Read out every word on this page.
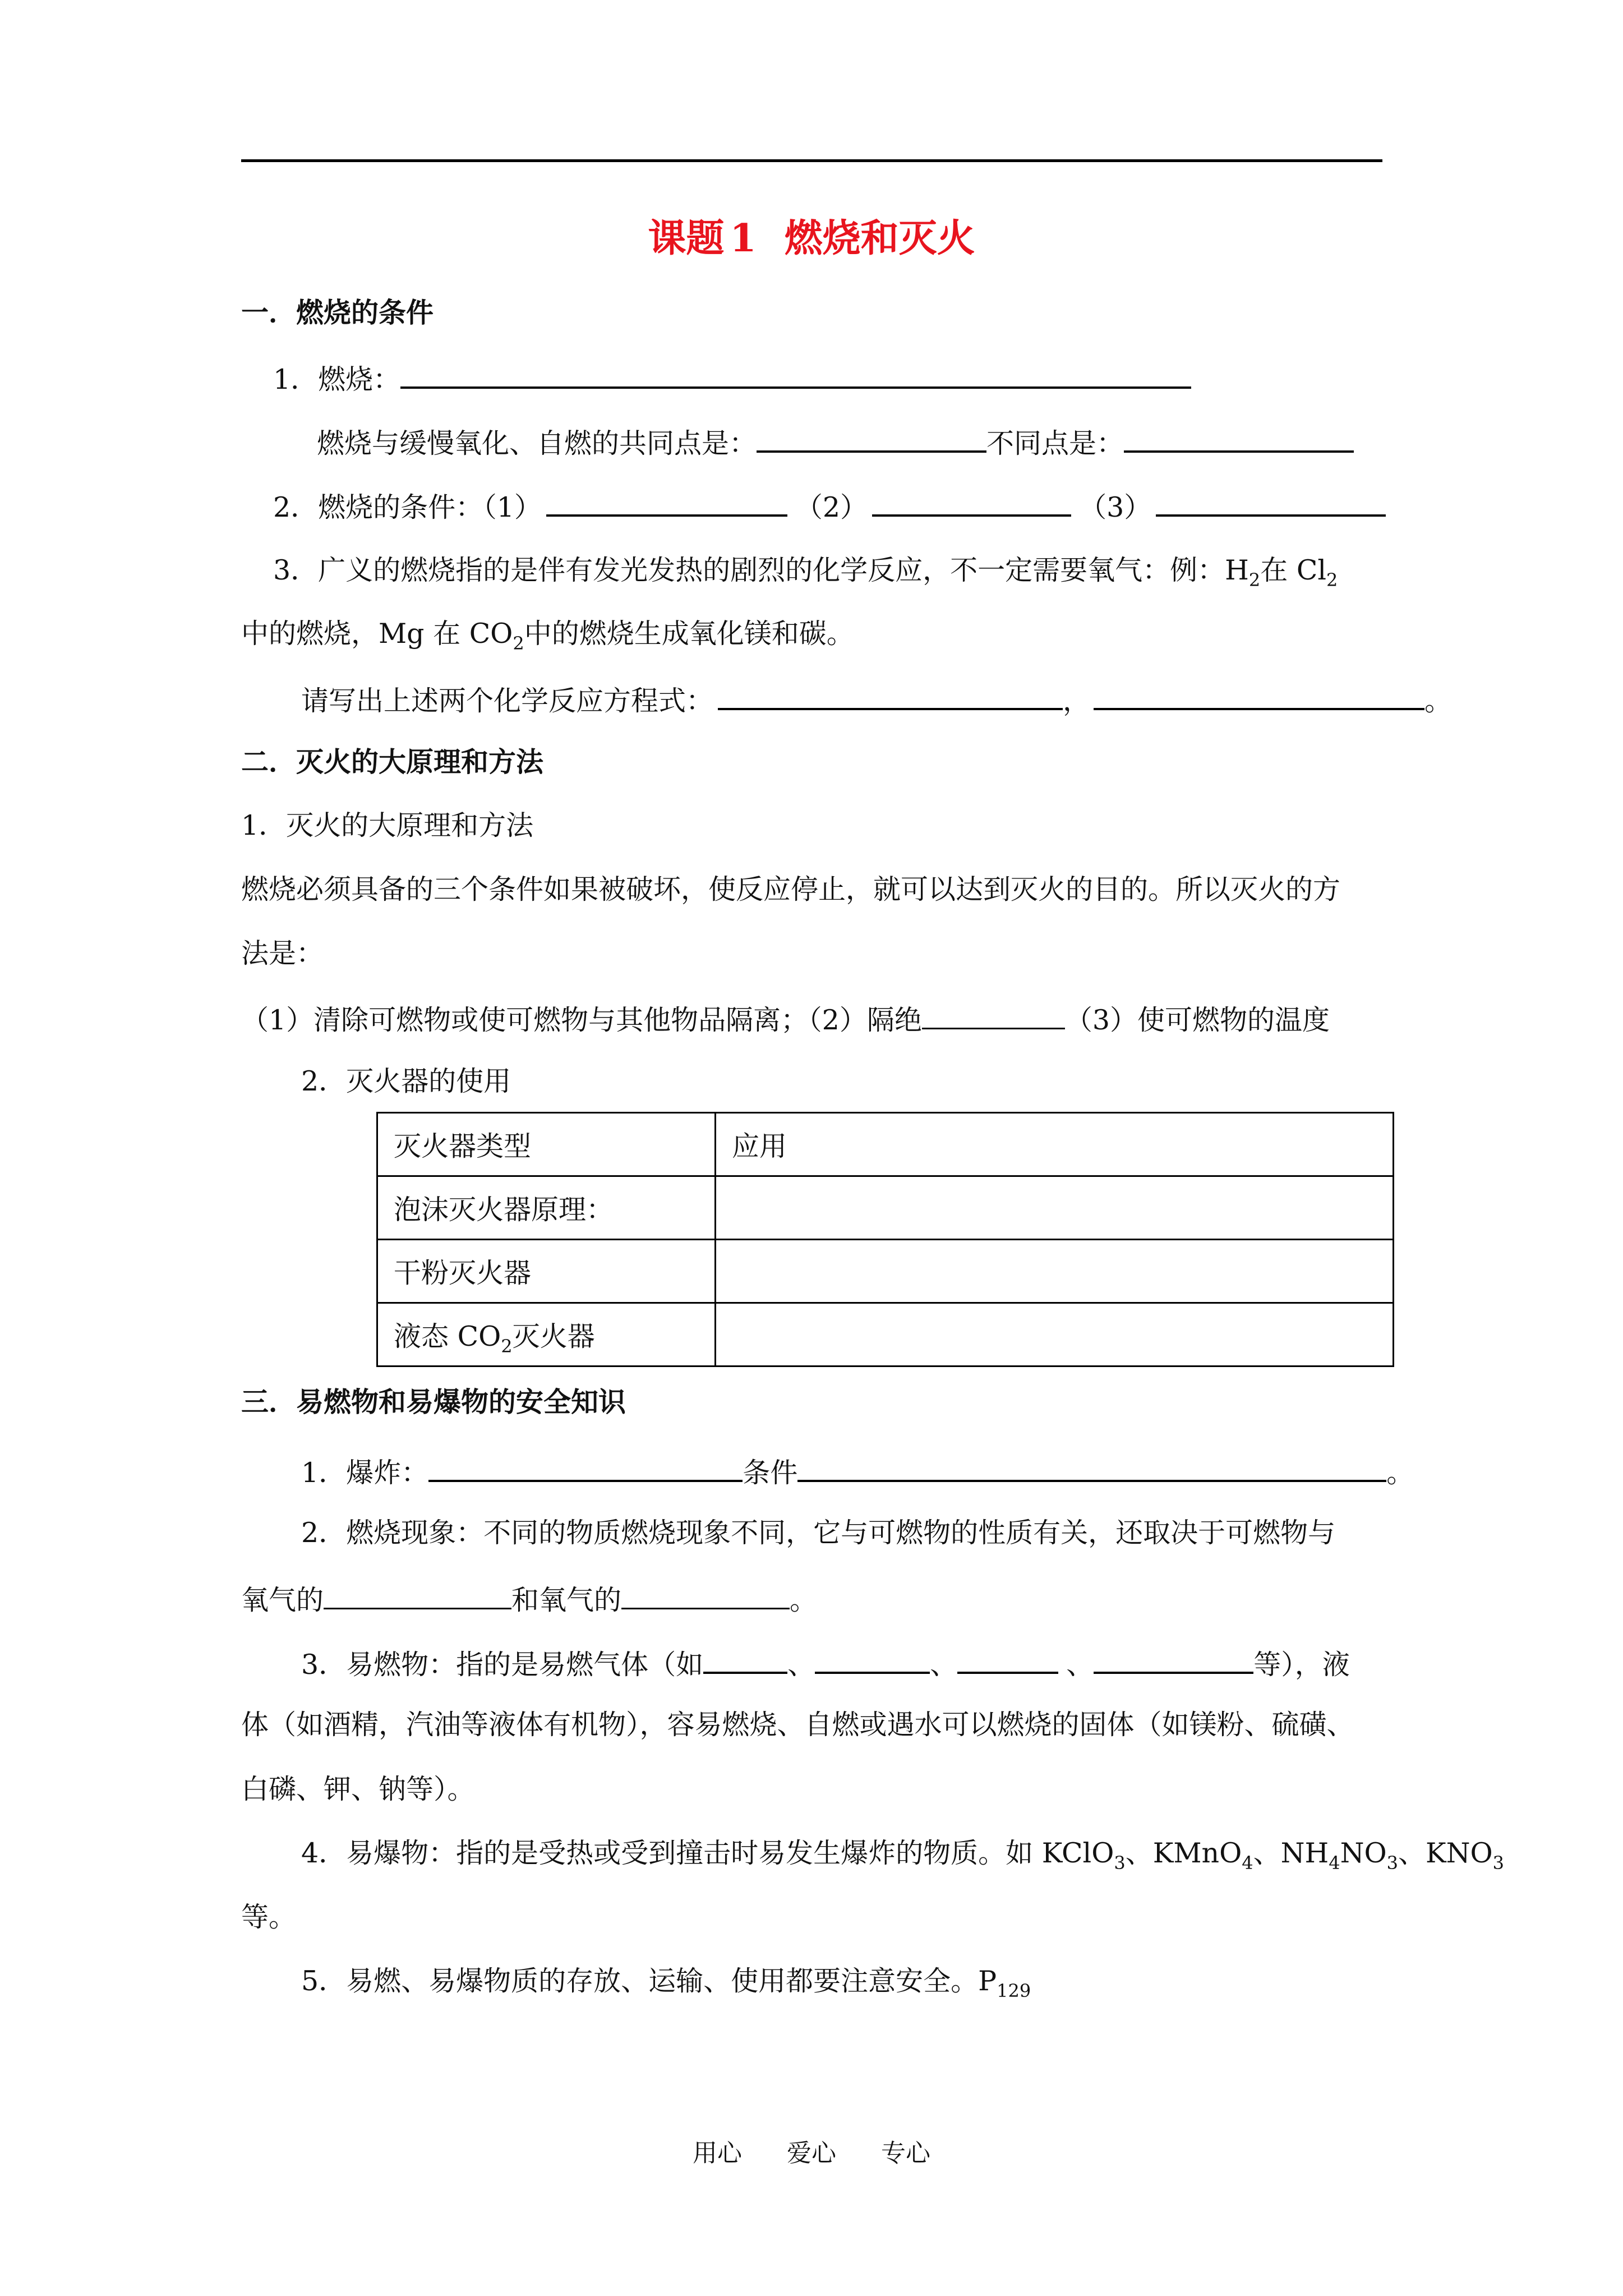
课题 1 燃烧和灭火
一．燃烧的条件
1．燃烧：
燃烧与缓慢氧化、自燃的共同点是：	不同点是：
2．燃烧的条件：（1）	（2）	（3）
3．广义的燃烧指的是伴有发光发热的剧烈的化学反应，不一定需要氧气：例：$H_2$在 $Cl_2$
中的燃烧，Mg 在 $CO_2$中的燃烧生成氧化镁和碳。
请写出上述两个化学反应方程式：	，	。
二．灭火的大原理和方法
1．灭火的大原理和方法
燃烧必须具备的三个条件如果被破坏，使反应停止，就可以达到灭火的目的。所以灭火的方
法是：
（1）清除可燃物或使可燃物与其他物品隔离；（2）隔绝	（3）使可燃物的温度
2．灭火器的使用
灭火器类型	应用
泡沫灭火器原理：	
干粉灭火器	
液态 $CO_2$灭火器	
三．易燃物和易爆物的安全知识
1．爆炸：	条件	。
2．燃烧现象：不同的物质燃烧现象不同，它与可燃物的性质有关，还取决于可燃物与
氧气的	和氧气的	。
3．易燃物：指的是易燃气体（如	、	、	、	等），液
体（如酒精，汽油等液体有机物），容易燃烧、自燃或遇水可以燃烧的固体（如镁粉、硫磺、
白磷、钾、钠等）。
4．易爆物：指的是受热或受到撞击时易发生爆炸的物质。如 KClO$_3$、KMnO$_4$、$NH_4NO_3$、$KNO_3$
等。
5．易燃、易爆物质的存放、运输、使用都要注意安全。$P_{129}$
用心 爱心 专心
